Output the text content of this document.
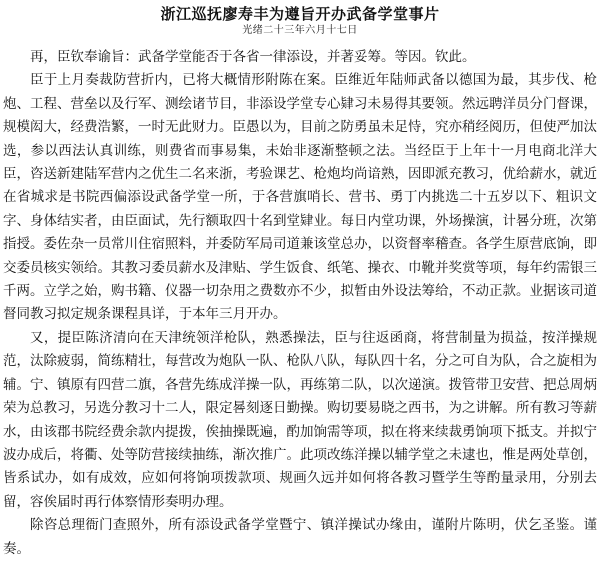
浙江巡抚廖寿丰为遵旨开办武备学堂事片
光绪二十三年六月十七日

再，臣钦奉谕旨：武备学堂能否于各省一律添设，并著妥筹。等因。钦此。

臣于上月奏裁防营折内，已将大概情形附陈在案。臣维近年陆师武备以德国为最，其步伐、枪炮、工程、营垒以及行军、测绘诸节目，非添设学堂专心肄习未易得其要领。然远聘洋员分门督课，规模闳大，经费浩繁，一时无此财力。臣愚以为，目前之防勇虽未足恃，究亦稍经阅历，但使严加汰选，参以西法认真训练，则费省而事易集，未始非逐渐整顿之法。当经臣于上年十一月电商北洋大臣，咨送新建陆军营内之优生二名来浙，考验课艺、枪炮均尚谙熟，因即派充教习，优给薪水，就近在省城求是书院西偏添设武备学堂一所，于各营旗哨长、营书、勇丁内挑选二十五岁以下、粗识文字、身体结实者，由臣面试，先行额取四十名到堂肄业。每日内堂功课，外场操演，计晷分班，次第指授。委佐杂一员常川住宿照料，并委防军局司道兼该堂总办，以资督率稽查。各学生原营底饷，即交委员核实领给。其教习委员薪水及津贴、学生饭食、纸笔、操衣、巾靴并奖赏等项，每年约需银三千两。立学之始，购书籍、仪器一切杂用之费数亦不少，拟暂由外设法筹给，不动正款。业据该司道督同教习拟定规条课程具详，于本年三月开办。

又，提臣陈济清向在天津统领洋枪队，熟悉操法，臣与往返函商，将营制量为损益，按洋操规范，汰除疲弱，简练精壮，每营改为炮队一队、枪队八队，每队四十名，分之可自为队，合之旋相为辅。宁、镇原有四营二旗，各营先练成洋操一队，再练第二队，以次递演。拨管带卫安营、把总周炳荣为总教习，另选分教习十二人，限定晷刻逐日勤操。购切要易晓之西书，为之讲解。所有教习等薪水，由该郡书院经费余款内提拨，俟抽操既遍，酌加饷需等项，拟在将来续裁勇饷项下抵支。并拟宁波办成后，将衢、处等防营接续抽练，渐次推广。此项改练洋操以辅学堂之未逮也，惟是两处草创，皆系试办，如有成效，应如何将饷项拨款项、规画久远并如何将各教习暨学生等酌量录用，分别去留，容俟届时再行体察情形奏明办理。

除咨总理衙门查照外，所有添设武备学堂暨宁、镇洋操试办缘由，谨附片陈明，伏乞圣鉴。谨奏。
